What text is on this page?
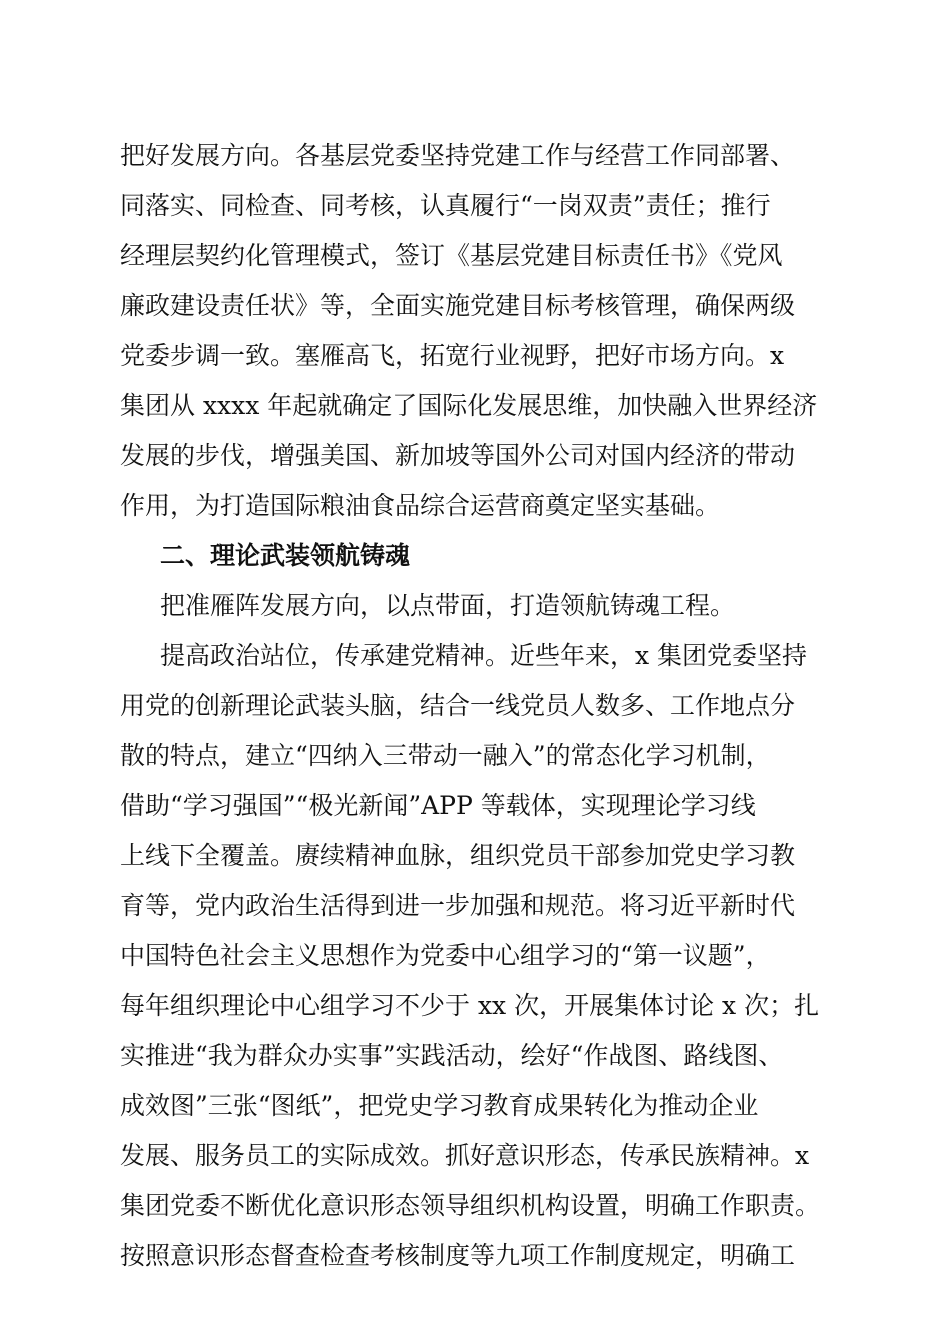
把好发展方向。各基层党委坚持党建工作与经营工作同部署、
同落实、同检查、同考核，认真履行“一岗双责”责任；推行
经理层契约化管理模式，签订《基层党建目标责任书》《党风
廉政建设责任状》等，全面实施党建目标考核管理，确保两级
党委步调一致。塞雁高飞，拓宽行业视野，把好市场方向。x
集团从 xxxx 年起就确定了国际化发展思维，加快融入世界经济
发展的步伐，增强美国、新加坡等国外公司对国内经济的带动
作用，为打造国际粮油食品综合运营商奠定坚实基础。
二、理论武装领航铸魂
把准雁阵发展方向，以点带面，打造领航铸魂工程。
提高政治站位，传承建党精神。近些年来，x 集团党委坚持
用党的创新理论武装头脑，结合一线党员人数多、工作地点分
散的特点，建立“四纳入三带动一融入”的常态化学习机制，
借助“学习强国”“极光新闻”APP 等载体，实现理论学习线
上线下全覆盖。赓续精神血脉，组织党员干部参加党史学习教
育等，党内政治生活得到进一步加强和规范。将习近平新时代
中国特色社会主义思想作为党委中心组学习的“第一议题”，
每年组织理论中心组学习不少于 xx 次，开展集体讨论 x 次；扎
实推进“我为群众办实事”实践活动，绘好“作战图、路线图、
成效图”三张“图纸”，把党史学习教育成果转化为推动企业
发展、服务员工的实际成效。抓好意识形态，传承民族精神。x
集团党委不断优化意识形态领导组织机构设置，明确工作职责。
按照意识形态督查检查考核制度等九项工作制度规定，明确工
